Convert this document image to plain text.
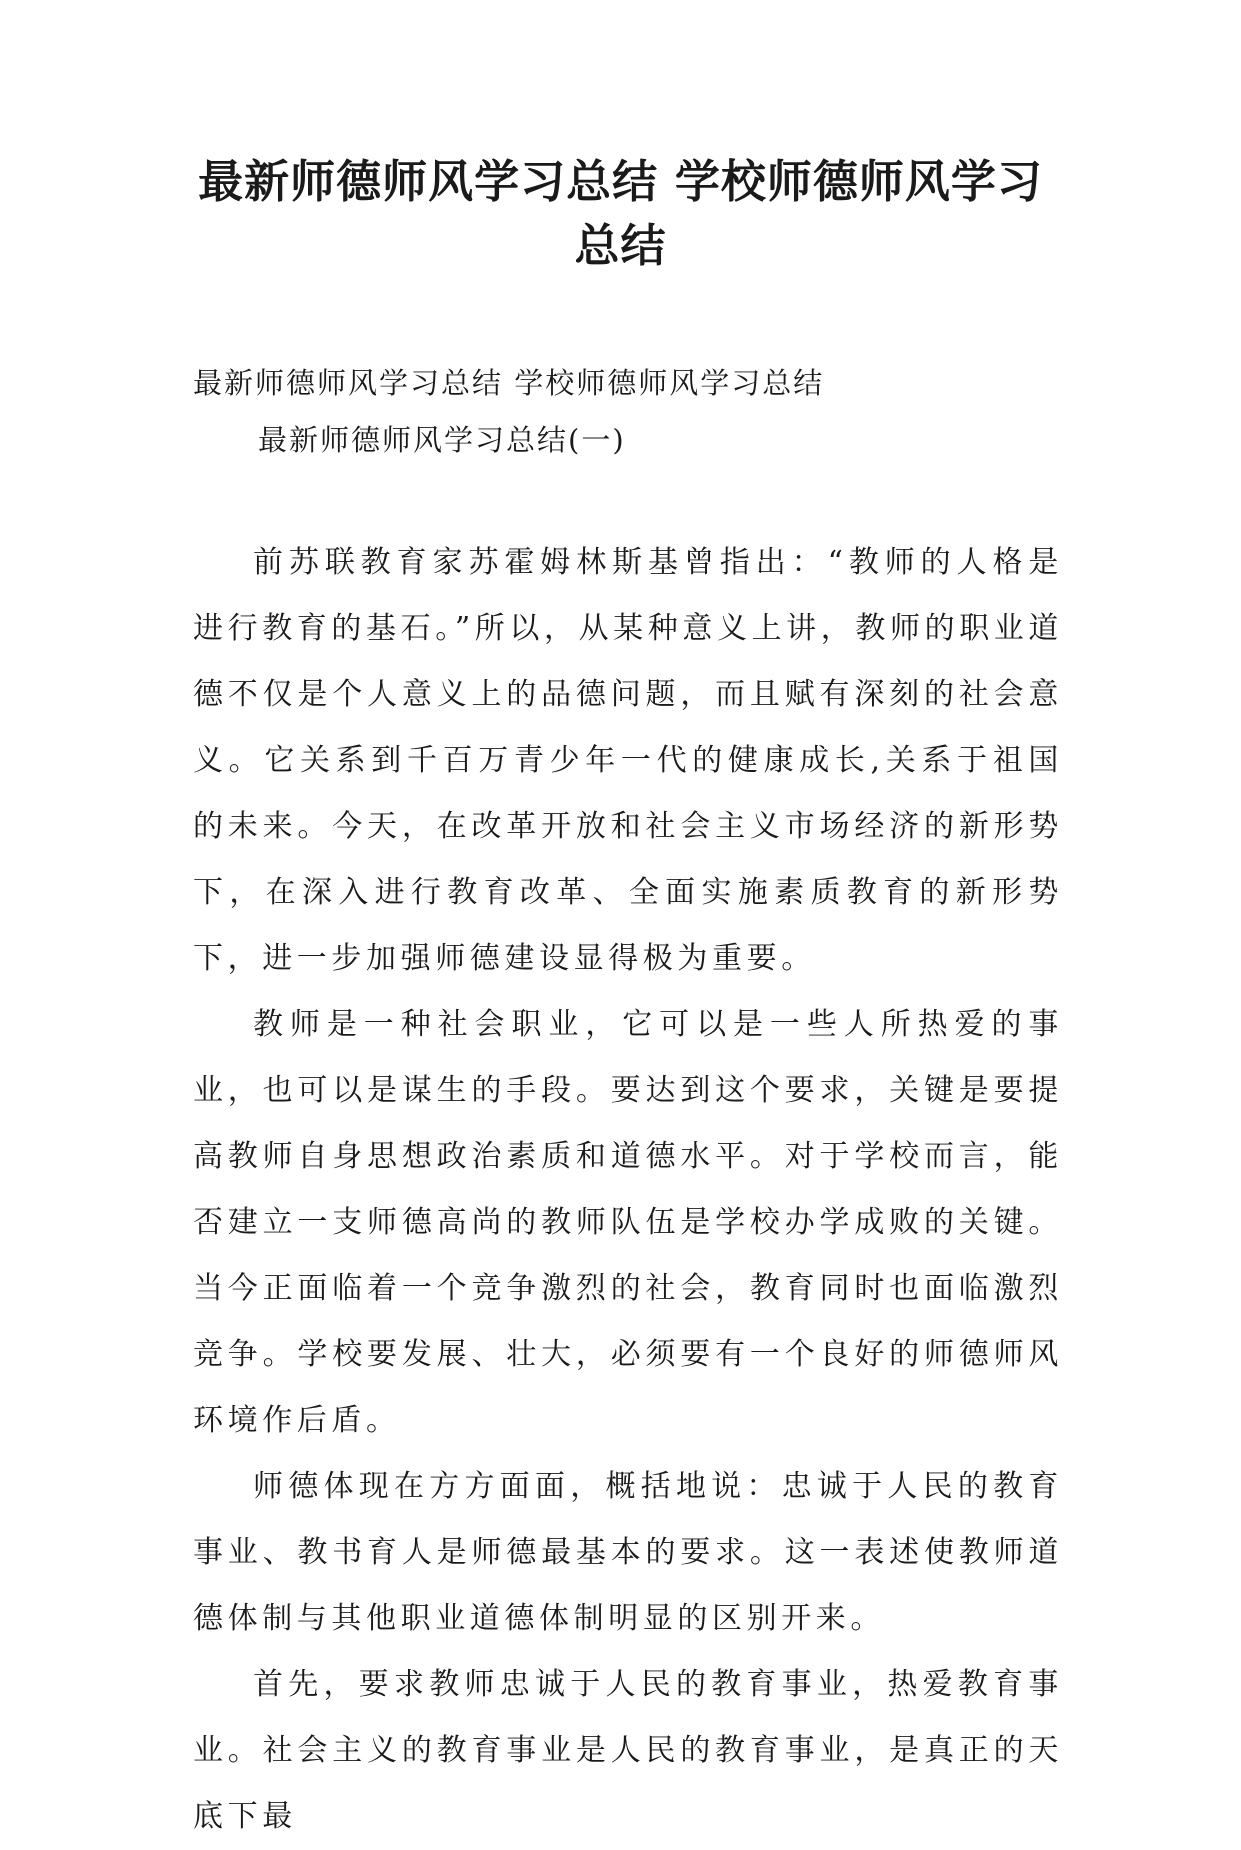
最新师德师风学习总结 学校师德师风学习
总结

最新师德师风学习总结 学校师德师风学习总结

最新师德师风学习总结(一)

前苏联教育家苏霍姆林斯基曾指出：“教师的人格是进行教育的基石。”所以，从某种意义上讲，教师的职业道德不仅是个人意义上的品德问题，而且赋有深刻的社会意义。它关系到千百万青少年一代的健康成长,关系于祖国的未来。今天，在改革开放和社会主义市场经济的新形势下，在深入进行教育改革、全面实施素质教育的新形势下，进一步加强师德建设显得极为重要。

教师是一种社会职业，它可以是一些人所热爱的事业，也可以是谋生的手段。要达到这个要求，关键是要提高教师自身思想政治素质和道德水平。对于学校而言，能否建立一支师德高尚的教师队伍是学校办学成败的关键。当今正面临着一个竞争激烈的社会，教育同时也面临激烈竞争。学校要发展、壮大，必须要有一个良好的师德师风环境作后盾。

师德体现在方方面面，概括地说：忠诚于人民的教育事业、教书育人是师德最基本的要求。这一表述使教师道德体制与其他职业道德体制明显的区别开来。

首先，要求教师忠诚于人民的教育事业，热爱教育事业。社会主义的教育事业是人民的教育事业，是真正的天底下最
